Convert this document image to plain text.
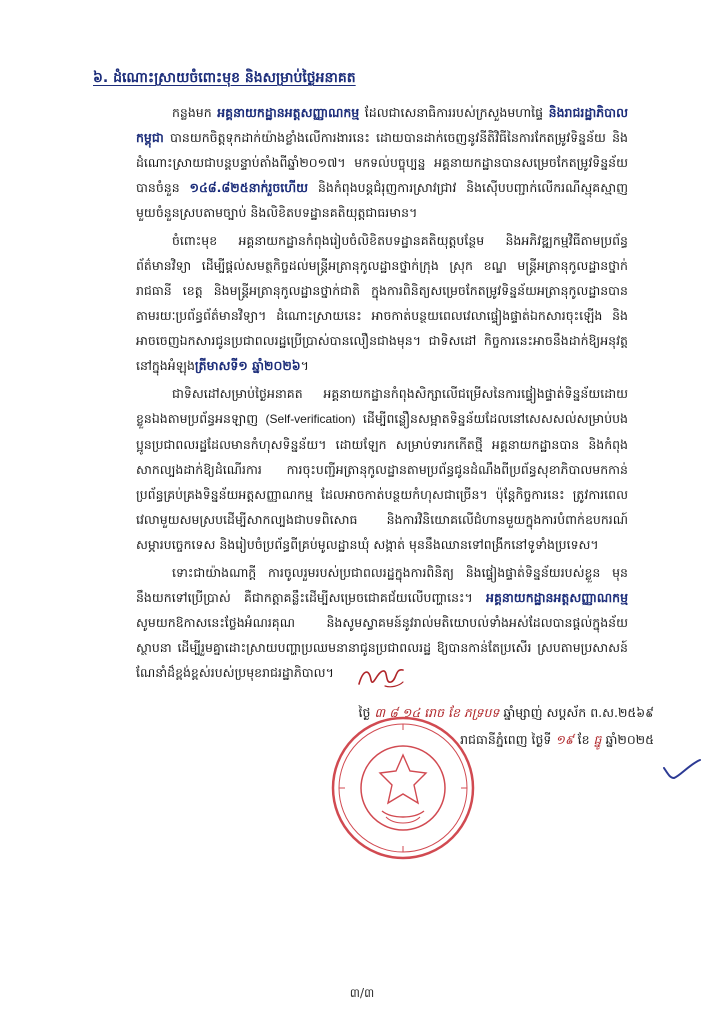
៦. ដំណោះស្រាយចំពោះមុខ និងសម្រាប់ថ្ងៃអនាគត

កន្លងមក អគ្គនាយកដ្ឋានអត្តសញ្ញាណកម្ម ដែលជាសេនាធិការរបស់ក្រសួងមហាផ្ទៃ និងរាជរដ្ឋាភិបាលកម្ពុជា បានយកចិត្តទុកដាក់យ៉ាងខ្លាំងលើការងារនេះ ដោយបានដាក់ចេញនូវនីតិវិធីនៃការកែតម្រូវទិន្នន័យ និងដំណោះស្រាយជាបន្តបន្ទាប់តាំងពីឆ្នាំ២០១៧។ មកទល់បច្ចុប្បន្ន អគ្គនាយកដ្ឋានបានសម្រេចកែតម្រូវទិន្នន័យបានចំនួន ១៤៨.៨២៥នាក់រួចហើយ និងកំពុងបន្តជំរុញការស្រាវជ្រាវ និងស៊ើបបញ្ជាក់លើករណីស្មុគស្មាញមួយចំនួនស្របតាមច្បាប់ និងលិខិតបទដ្ឋានគតិយុត្តជាធរមាន។

ចំពោះមុខ អគ្គនាយកដ្ឋានកំពុងរៀបចំលិខិតបទដ្ឋានគតិយុត្តបន្ថែម និងអភិវឌ្ឍកម្មវិធីតាមប្រព័ន្ធព័ត៌មានវិទ្យា ដើម្បីផ្ដល់សមត្ថកិច្ចដល់មន្ត្រីអត្រានុកូលដ្ឋានថ្នាក់ក្រុង ស្រុក ខណ្ឌ មន្ត្រីអត្រានុកូលដ្ឋានថ្នាក់រាជធានី ខេត្ត និងមន្ត្រីអត្រានុកូលដ្ឋានថ្នាក់ជាតិ ក្នុងការពិនិត្យសម្រេចកែតម្រូវទិន្នន័យអត្រានុកូលដ្ឋានបានតាមរយៈប្រព័ន្ធព័ត៌មានវិទ្យា។ ដំណោះស្រាយនេះ អាចកាត់បន្ថយពេលវេលាផ្ទៀងផ្ទាត់ឯកសារចុះឡើង និងអាចចេញឯកសារជូនប្រជាពលរដ្ឋប្រើប្រាស់បានលឿនជាងមុន។ ជាទិសដៅ កិច្ចការនេះអាចនឹងដាក់ឱ្យអនុវត្តនៅក្នុងអំឡុងត្រីមាសទី១ ឆ្នាំ២០២៦។

ជាទិសដៅសម្រាប់ថ្ងៃអនាគត អគ្គនាយកដ្ឋានកំពុងសិក្សាលើជម្រើសនៃការផ្ទៀងផ្ទាត់ទិន្នន័យដោយខ្លួនឯងតាមប្រព័ន្ធអនឡាញ (Self-verification) ដើម្បីពន្លឿនសម្អាតទិន្នន័យដែលនៅសេសសល់សម្រាប់បងប្អូនប្រជាពលរដ្ឋដែលមានកំហុសទិន្នន័យ។ ដោយឡែក សម្រាប់ទារកកើតថ្មី អគ្គនាយកដ្ឋានបាន និងកំពុងសាកល្បងដាក់ឱ្យដំណើរការ ការចុះបញ្ជីអត្រានុកូលដ្ឋានតាមប្រព័ន្ធជូនដំណឹងពីប្រព័ន្ធសុខាភិបាលមកកាន់ប្រព័ន្ធគ្រប់គ្រងទិន្នន័យអត្តសញ្ញាណកម្ម ដែលអាចកាត់បន្ថយកំហុសជាច្រើន។ ប៉ុន្តែកិច្ចការនេះ ត្រូវការពេលវេលាមួយសមស្របដើម្បីសាកល្បងជាបទពិសោធ និងការវិនិយោគលើជំហានមួយក្នុងការបំពាក់ឧបករណ៍សម្ភារបច្ចេកទេស និងរៀបចំប្រព័ន្ធពីគ្រប់មូលដ្ឋានឃុំ សង្កាត់ មុននឹងឈានទៅពង្រីកនៅទូទាំងប្រទេស។

ទោះជាយ៉ាងណាក្ដី ការចូលរួមរបស់ប្រជាពលរដ្ឋក្នុងការពិនិត្យ និងផ្ទៀងផ្ទាត់ទិន្នន័យរបស់ខ្លួន មុននឹងយកទៅប្រើប្រាស់ គឺជាកត្តាគន្លឹះដើម្បីសម្រេចជោគជ័យលើបញ្ហានេះ។ អគ្គនាយកដ្ឋានអត្តសញ្ញាណកម្ម សូមយកឱកាសនេះថ្លែងអំណរគុណ និងសូមស្វាគមន៍នូវរាល់មតិយោបល់ទាំងអស់ដែលបានផ្ដល់ក្នុងន័យស្ថាបនា ដើម្បីរួមគ្នាដោះស្រាយបញ្ហាប្រឈមនានាជូនប្រជាពលរដ្ឋ ឱ្យបានកាន់តែប្រសើរ ស្របតាមប្រសាសន៍ណែនាំដ៏ខ្ពង់ខ្ពស់របស់ប្រមុខរាជរដ្ឋាភិបាល។

ថ្ងៃ ៣ ៨ ១៤ រោច ខែ ភទ្របទ ឆ្នាំម្សាញ់ សប្តស័ក ព.ស.២៥៦៩
រាជធានីភ្នំពេញ ថ្ងៃទី ១៩ ខែ ធ្នូ ឆ្នាំ២០២៥
៣/៣
